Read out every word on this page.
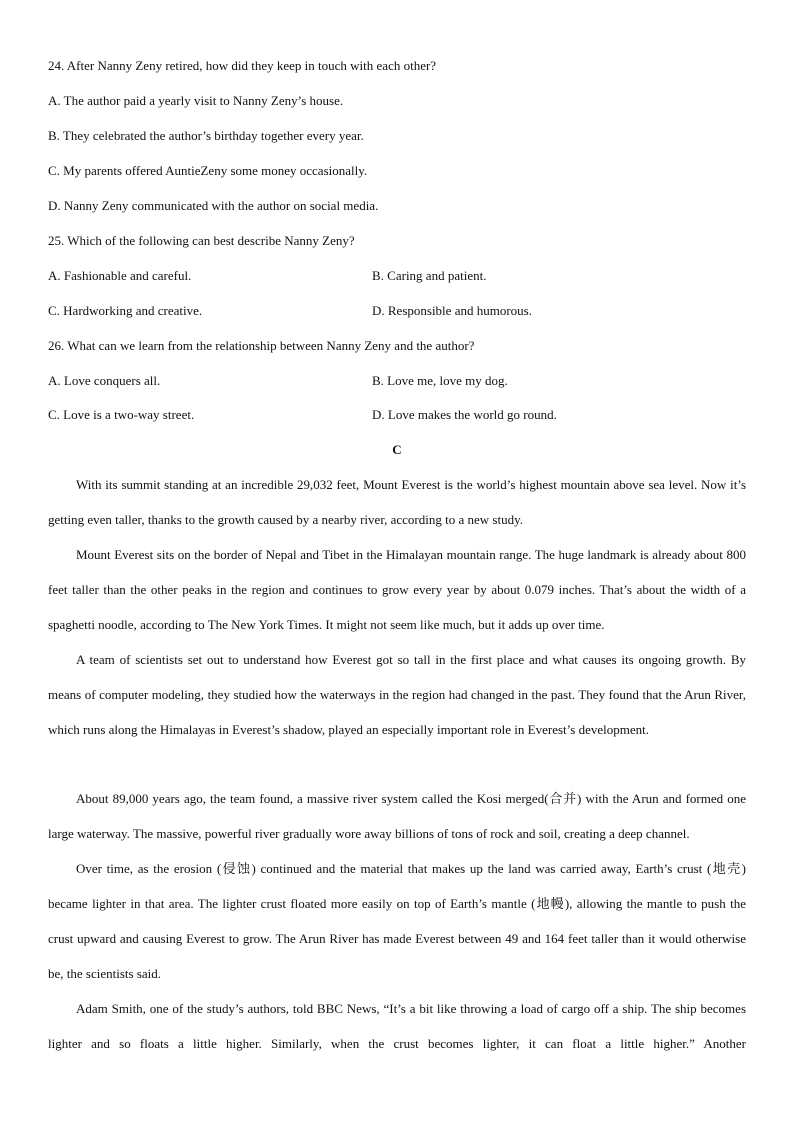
24. After Nanny Zeny retired, how did they keep in touch with each other?
A. The author paid a yearly visit to Nanny Zeny’s house.
B. They celebrated the author’s birthday together every year.
C. My parents offered AuntieZeny some money occasionally.
D. Nanny Zeny communicated with the author on social media.
25. Which of the following can best describe Nanny Zeny?
A. Fashionable and careful.	B. Caring and patient.
C. Hardworking and creative.	D. Responsible and humorous.
26. What can we learn from the relationship between Nanny Zeny and the author?
A. Love conquers all.	B. Love me, love my dog.
C. Love is a two-way street.	D. Love makes the world go round.
C

With its summit standing at an incredible 29,032 feet, Mount Everest is the world’s highest mountain above sea level. Now it’s getting even taller, thanks to the growth caused by a nearby river, according to a new study.

Mount Everest sits on the border of Nepal and Tibet in the Himalayan mountain range. The huge landmark is already about 800 feet taller than the other peaks in the region and continues to grow every year by about 0.079 inches. That’s about the width of a spaghetti noodle, according to The New York Times. It might not seem like much, but it adds up over time.

A team of scientists set out to understand how Everest got so tall in the first place and what causes its ongoing growth. By means of computer modeling, they studied how the waterways in the region had changed in the past. They found that the Arun River, which runs along the Himalayas in Everest’s shadow, played an especially important role in Everest’s development.

About 89,000 years ago, the team found, a massive river system called the Kosi merged(合并) with the Arun and formed one large waterway. The massive, powerful river gradually wore away billions of tons of rock and soil, creating a deep channel.

Over time, as the erosion (侵蚀) continued and the material that makes up the land was carried away, Earth’s crust (地壳) became lighter in that area. The lighter crust floated more easily on top of Earth’s mantle (地幔), allowing the mantle to push the crust upward and causing Everest to grow. The Arun River has made Everest between 49 and 164 feet taller than it would otherwise be, the scientists said.

Adam Smith, one of the study’s authors, told BBC News, “It’s a bit like throwing a load of cargo off a ship. The ship becomes lighter and so floats a little higher. Similarly, when the crust becomes lighter, it can float a little higher.” Another
